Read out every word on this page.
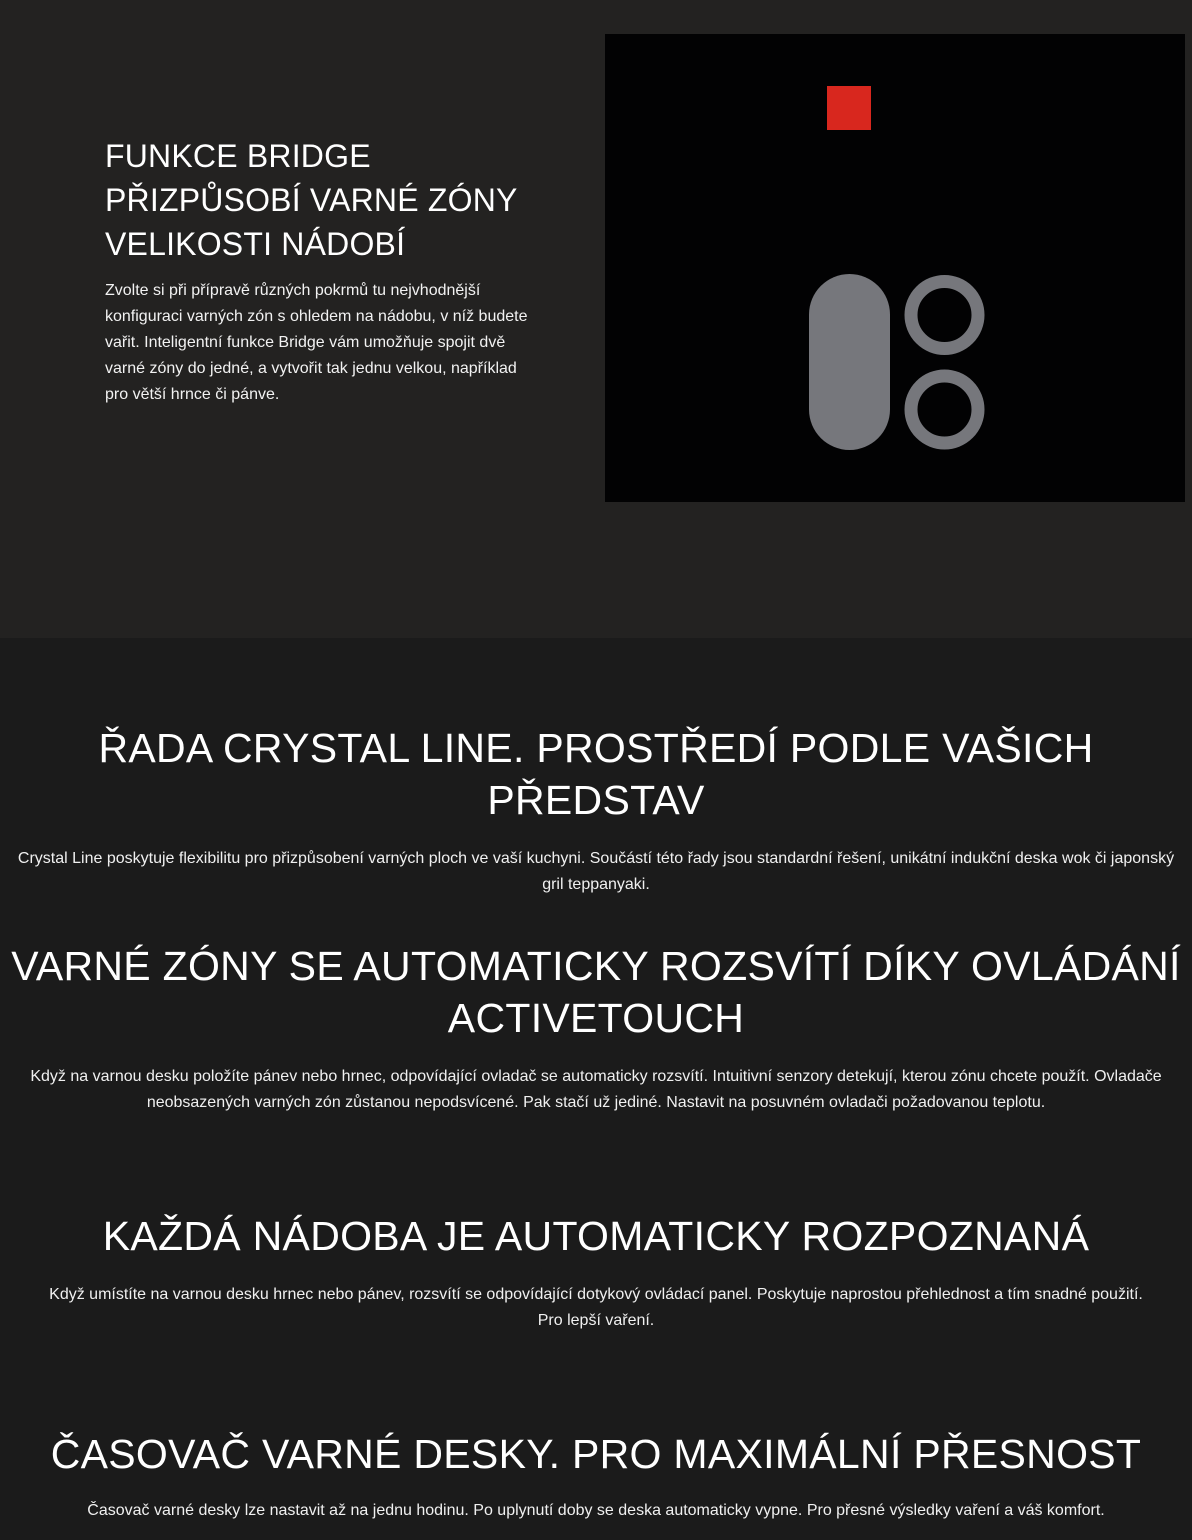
FUNKCE BRIDGE PŘIZPŮSOBÍ VARNÉ ZÓNY VELIKOSTI NÁDOBÍ

Zvolte si při přípravě různých pokrmů tu nejvhodnější konfiguraci varných zón s ohledem na nádobu, v níž budete vařit. Inteligentní funkce Bridge vám umožňuje spojit dvě varné zóny do jedné, a vytvořit tak jednu velkou, například pro větší hrnce či pánve.

ŘADA CRYSTAL LINE. PROSTŘEDÍ PODLE VAŠICH PŘEDSTAV

Crystal Line poskytuje flexibilitu pro přizpůsobení varných ploch ve vaší kuchyni. Součástí této řady jsou standardní řešení, unikátní indukční deska wok či japonský gril teppanyaki.

VARNÉ ZÓNY SE AUTOMATICKY ROZSVÍTÍ DÍKY OVLÁDÁNÍ ACTIVETOUCH

Když na varnou desku položíte pánev nebo hrnec, odpovídající ovladač se automaticky rozsvítí. Intuitivní senzory detekují, kterou zónu chcete použít. Ovladače neobsazených varných zón zůstanou nepodsvícené. Pak stačí už jediné. Nastavit na posuvném ovladači požadovanou teplotu.

KAŽDÁ NÁDOBA JE AUTOMATICKY ROZPOZNANÁ

Když umístíte na varnou desku hrnec nebo pánev, rozsvítí se odpovídající dotykový ovládací panel. Poskytuje naprostou přehlednost a tím snadné použití. Pro lepší vaření.

ČASOVAČ VARNÉ DESKY. PRO MAXIMÁLNÍ PŘESNOST

Časovač varné desky lze nastavit až na jednu hodinu. Po uplynutí doby se deska automaticky vypne. Pro přesné výsledky vaření a váš komfort.
